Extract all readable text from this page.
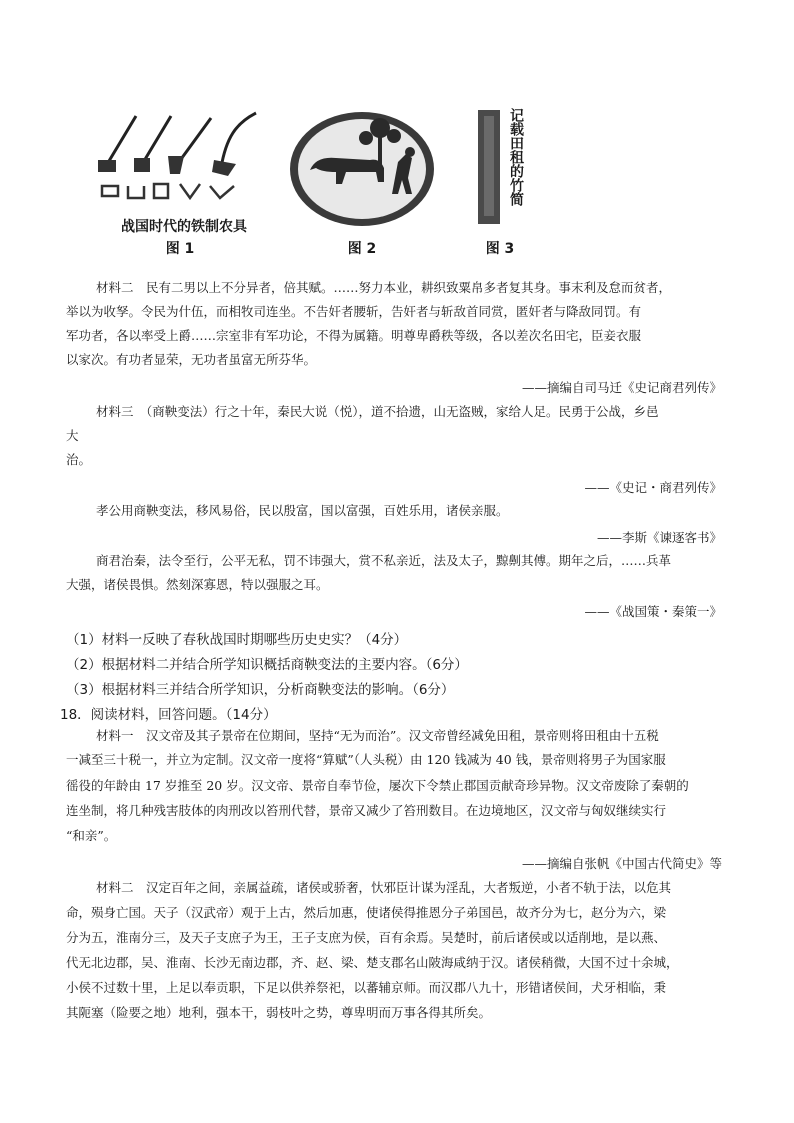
战国时代的铁制农具
图 1	图 2
记载田租的竹简
图 3
材料二　民有二男以上不分异者，倍其赋。……努力本业，耕织致粟帛多者复其身。事末利及怠而贫者，
举以为收孥。令民为什伍，而相牧司连坐。不告奸者腰斩，告奸者与斩敌首同赏，匿奸者与降敌同罚。有
军功者，各以率受上爵……宗室非有军功论，不得为属籍。明尊卑爵秩等级，各以差次名田宅，臣妾衣服
以家次。有功者显荣，无功者虽富无所芬华。
——摘编自司马迁《史记商君列传》
材料三　（商鞅变法）行之十年，秦民大说（悦），道不拾遗，山无盗贼，家给人足。民勇于公战，乡邑
大
治。
——《史记・商君列传》
孝公用商鞅变法，移风易俗，民以殷富，国以富强，百姓乐用，诸侯亲服。
——李斯《谏逐客书》
商君治秦，法令至行，公平无私，罚不讳强大，赏不私亲近，法及太子，黥劓其傅。期年之后，……兵革
大强，诸侯畏惧。然刻深寡恩，特以强服之耳。
——《战国策・秦策一》
（1）材料一反映了春秋战国时期哪些历史史实？（4分）
（2）根据材料二并结合所学知识概括商鞅变法的主要内容。（6分）
（3）根据材料三并结合所学知识，分析商鞅变法的影响。（6分）
18．阅读材料，回答问题。（14分）
材料一　汉文帝及其子景帝在位期间，坚持“无为而治”。汉文帝曾经减免田租，景帝则将田租由十五税
一减至三十税一，并立为定制。汉文帝一度将“算赋”（人头税）由 120 钱减为 40 钱，景帝则将男子为国家服
徭役的年龄由 17 岁推至 20 岁。汉文帝、景帝自奉节俭，屡次下令禁止郡国贡献奇珍异物。汉文帝废除了秦朝的
连坐制，将几种残害肢体的肉刑改以笞刑代替，景帝又减少了笞刑数目。在边境地区，汉文帝与匈奴继续实行
“和亲”。
——摘编自张帆《中国古代简史》等
材料二　汉定百年之间，亲属益疏，诸侯或骄奢，忕邪臣计谋为淫乱，大者叛逆，小者不轨于法，以危其
命，殒身亡国。天子（汉武帝）观于上古，然后加惠，使诸侯得推恩分子弟国邑，故齐分为七，赵分为六，梁
分为五，淮南分三，及天子支庶子为王，王子支庶为侯，百有余焉。吴楚时，前后诸侯或以适削地，是以燕、
代无北边郡，吴、淮南、长沙无南边郡，齐、赵、梁、楚支郡名山陂海咸纳于汉。诸侯稍微，大国不过十余城，
小侯不过数十里，上足以奉贡职，下足以供养祭祀，以蕃辅京师。而汉郡八九十，形错诸侯间，犬牙相临，秉
其阨塞（险要之地）地利，强本干，弱枝叶之势，尊卑明而万事各得其所矣。
